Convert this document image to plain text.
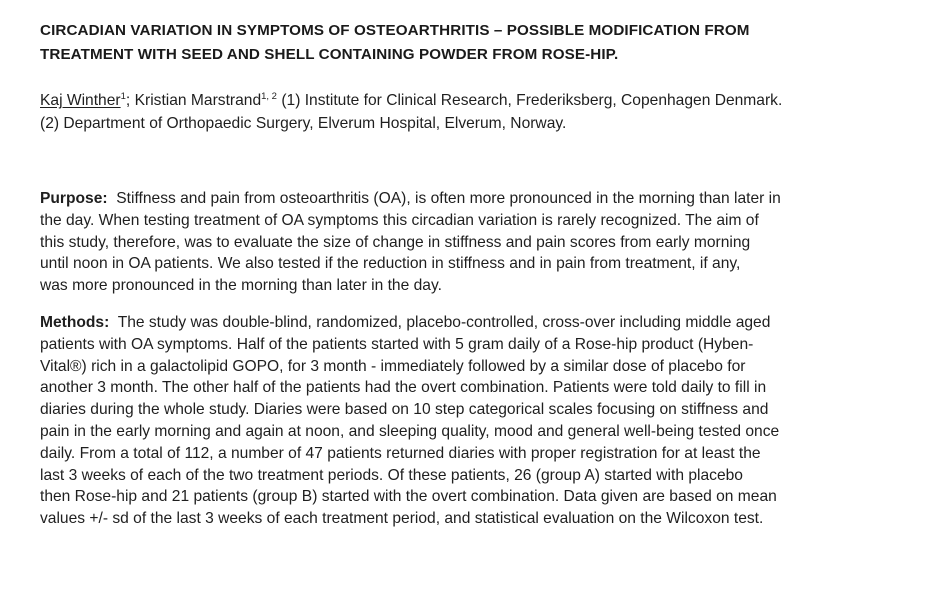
CIRCADIAN VARIATION IN SYMPTOMS OF OSTEOARTHRITIS – POSSIBLE MODIFICATION FROM
TREATMENT WITH SEED AND SHELL CONTAINING POWDER FROM ROSE-HIP.
Kaj Winther$^1$; Kristian Marstrand$^{1, 2}$ (1) Institute for Clinical Research, Frederiksberg, Copenhagen Denmark.
(2) Department of Orthopaedic Surgery, Elverum Hospital, Elverum, Norway.

Purpose: Stiffness and pain from osteoarthritis (OA), is often more pronounced in the morning than later in
the day. When testing treatment of OA symptoms this circadian variation is rarely recognized. The aim of
this study, therefore, was to evaluate the size of change in stiffness and pain scores from early morning
until noon in OA patients. We also tested if the reduction in stiffness and in pain from treatment, if any,
was more pronounced in the morning than later in the day.

Methods: The study was double-blind, randomized, placebo-controlled, cross-over including middle aged
patients with OA symptoms. Half of the patients started with 5 gram daily of a Rose-hip product (Hyben-
Vital®) rich in a galactolipid GOPO, for 3 month - immediately followed by a similar dose of placebo for
another 3 month. The other half of the patients had the overt combination. Patients were told daily to fill in
diaries during the whole study. Diaries were based on 10 step categorical scales focusing on stiffness and
pain in the early morning and again at noon, and sleeping quality, mood and general well-being tested once
daily. From a total of 112, a number of 47 patients returned diaries with proper registration for at least the
last 3 weeks of each of the two treatment periods. Of these patients, 26 (group A) started with placebo
then Rose-hip and 21 patients (group B) started with the overt combination. Data given are based on mean
values +/- sd of the last 3 weeks of each treatment period, and statistical evaluation on the Wilcoxon test.
